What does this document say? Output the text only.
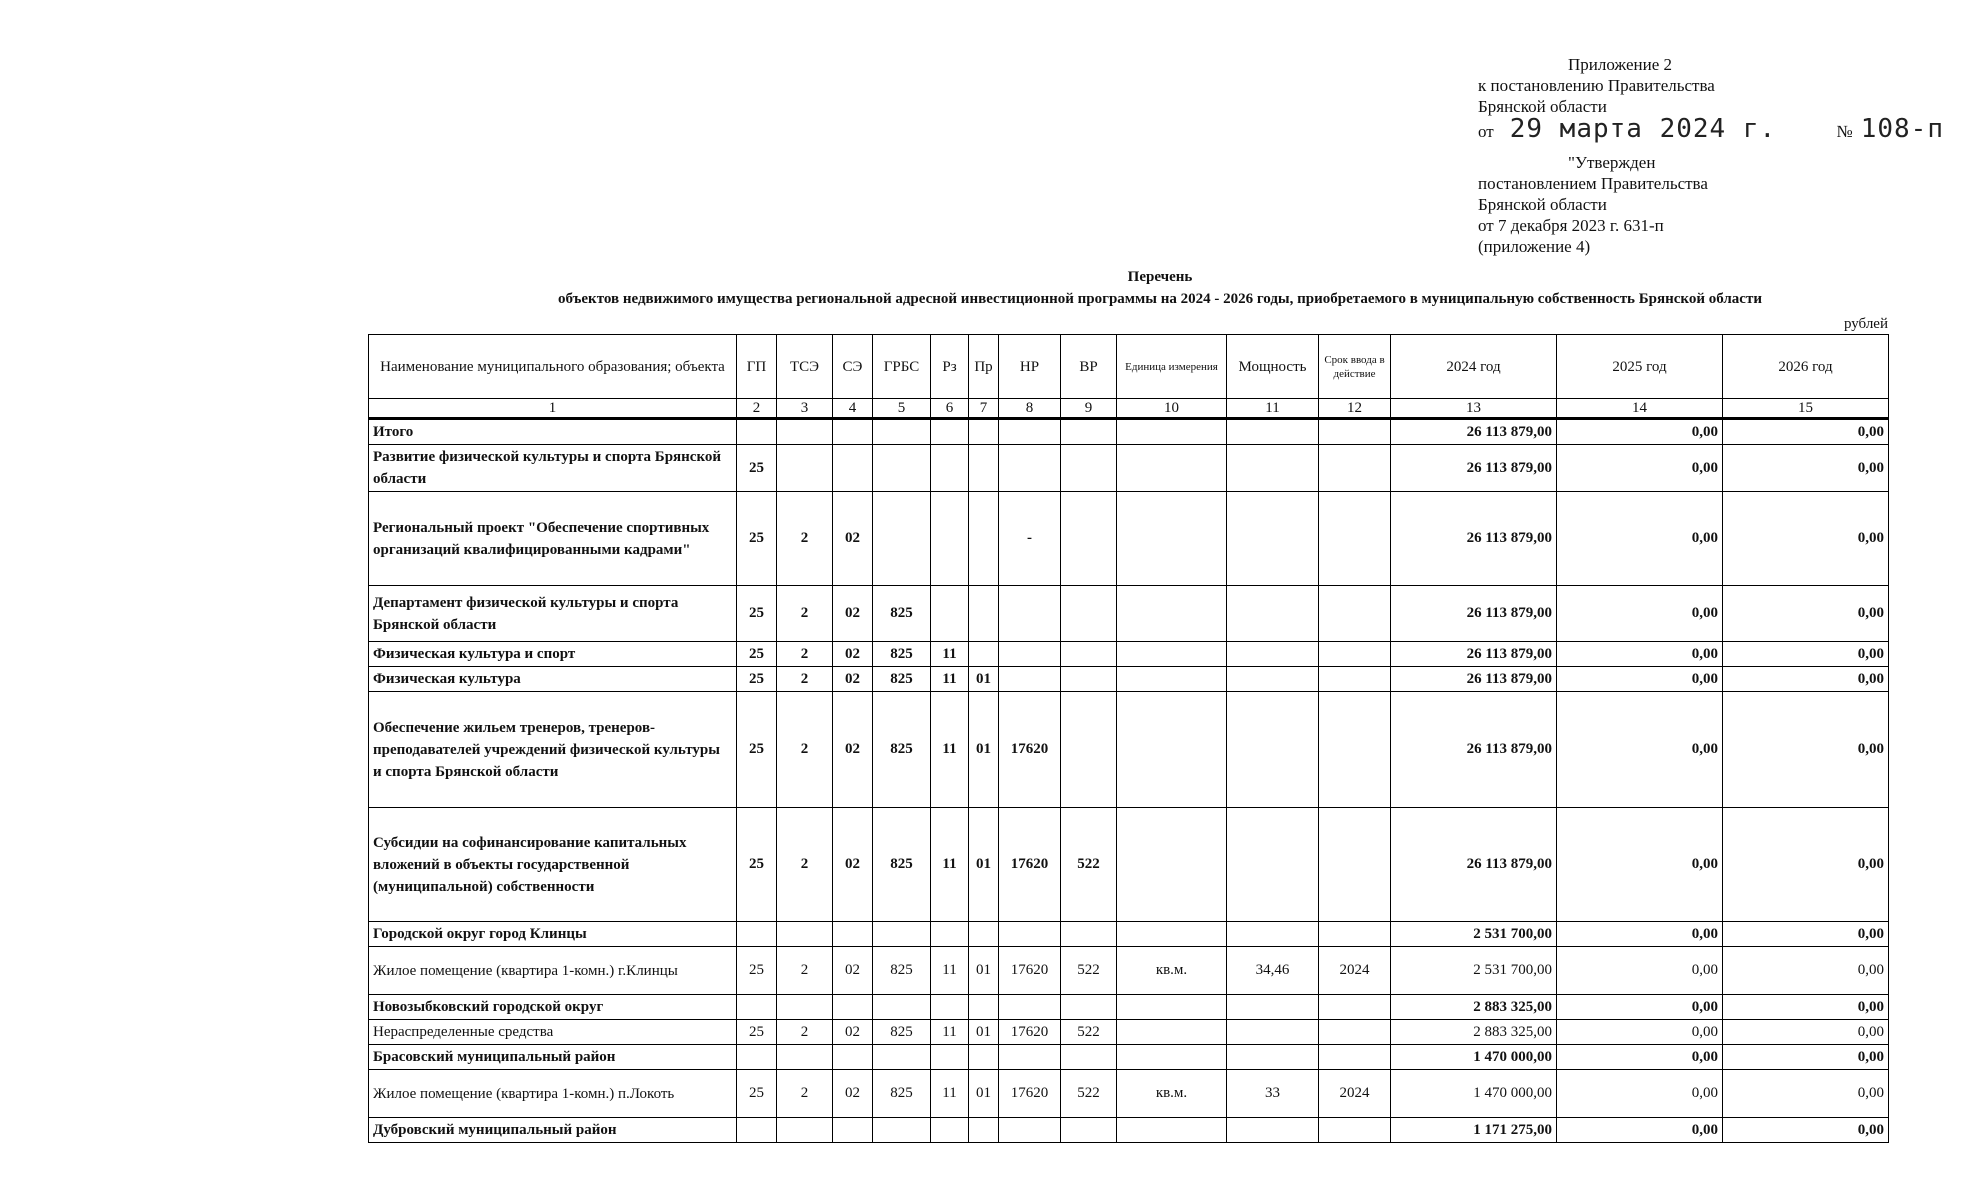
Приложение 2
к постановлению Правительства
Брянской области
от 29 марта 2024 г.	№ 108-п
"Утвержден
постановлением Правительства
Брянской области
от 7 декабря 2023 г. 631-п
(приложение 4)
Перечень
объектов недвижимого имущества региональной адресной инвестиционной программы на 2024 - 2026 годы, приобретаемого в муниципальную собственность Брянской области
рублей
Наименование муниципального образования; объекта	ГП	ТСЭ	СЭ	ГРБС	Рз	Пр	НР	ВР	Единица измерения	Мощность	Срок ввода в действие	2024 год	2025 год	2026 год
1	2	3	4	5	6	7	8	9	10	11	12	13	14	15
Итого												26 113 879,00	0,00	0,00
Развитие физической культуры и спорта Брянской области	25											26 113 879,00	0,00	0,00
Региональный проект "Обеспечение спортивных организаций квалифицированными кадрами"	25	2	02				-					26 113 879,00	0,00	0,00
Департамент физической культуры и спорта Брянской области	25	2	02	825								26 113 879,00	0,00	0,00
Физическая культура и спорт	25	2	02	825	11							26 113 879,00	0,00	0,00
Физическая культура	25	2	02	825	11	01						26 113 879,00	0,00	0,00
Обеспечение жильем тренеров, тренеров-преподавателей учреждений физической культуры и спорта Брянской области	25	2	02	825	11	01	17620					26 113 879,00	0,00	0,00
Субсидии на софинансирование капитальных вложений в объекты государственной (муниципальной) собственности	25	2	02	825	11	01	17620	522				26 113 879,00	0,00	0,00
Городской округ город Клинцы												2 531 700,00	0,00	0,00
Жилое помещение (квартира 1-комн.) г.Клинцы	25	2	02	825	11	01	17620	522	кв.м.	34,46	2024	2 531 700,00	0,00	0,00
Новозыбковский городской округ												2 883 325,00	0,00	0,00
Нераспределенные средства	25	2	02	825	11	01	17620	522				2 883 325,00	0,00	0,00
Брасовский муниципальный район												1 470 000,00	0,00	0,00
Жилое помещение (квартира 1-комн.) п.Локоть	25	2	02	825	11	01	17620	522	кв.м.	33	2024	1 470 000,00	0,00	0,00
Дубровский муниципальный район												1 171 275,00	0,00	0,00
